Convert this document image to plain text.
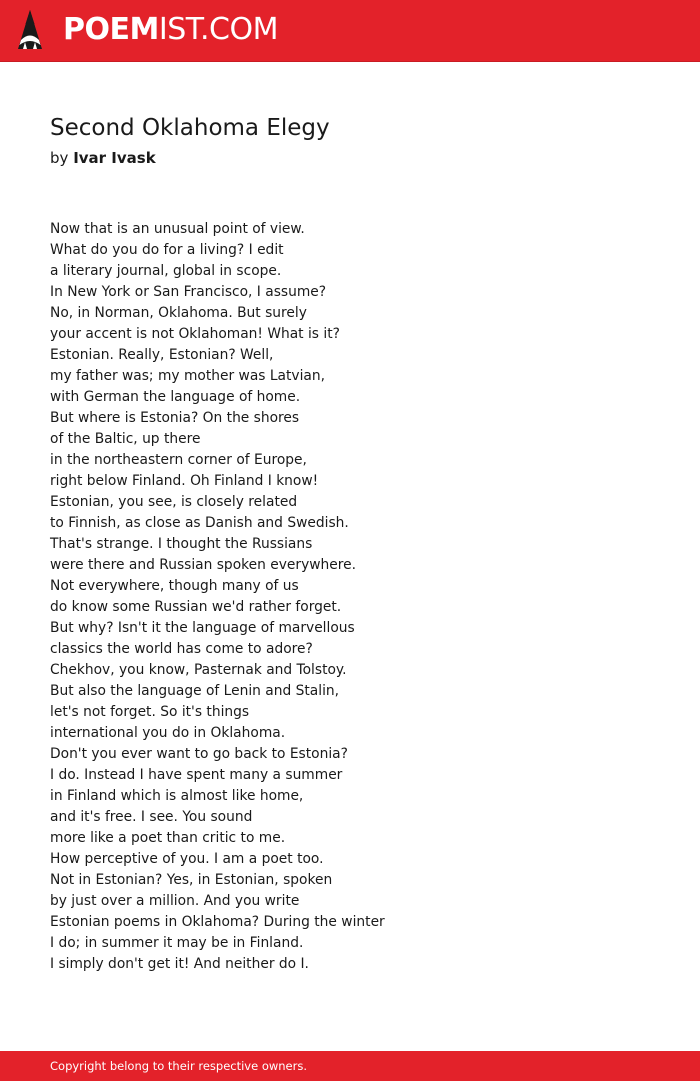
POEMIST.COM
Second Oklahoma Elegy
by Ivar Ivask
Now that is an unusual point of view.
What do you do for a living? I edit
a literary journal, global in scope.
In New York or San Francisco, I assume?
No, in Norman, Oklahoma. But surely
your accent is not Oklahoman! What is it?
Estonian. Really, Estonian? Well,
my father was; my mother was Latvian,
with German the language of home.
But where is Estonia? On the shores
of the Baltic, up there
in the northeastern corner of Europe,
right below Finland. Oh Finland I know!
Estonian, you see, is closely related
to Finnish, as close as Danish and Swedish.
That's strange. I thought the Russians
were there and Russian spoken everywhere.
Not everywhere, though many of us
do know some Russian we'd rather forget.
But why? Isn't it the language of marvellous
classics the world has come to adore?
Chekhov, you know, Pasternak and Tolstoy.
But also the language of Lenin and Stalin,
let's not forget. So it's things
international you do in Oklahoma.
Don't you ever want to go back to Estonia?
I do. Instead I have spent many a summer
in Finland which is almost like home,
and it's free. I see. You sound
more like a poet than critic to me.
How perceptive of you. I am a poet too.
Not in Estonian? Yes, in Estonian, spoken
by just over a million. And you write
Estonian poems in Oklahoma? During the winter
I do; in summer it may be in Finland.
I simply don't get it! And neither do I.
Copyright belong to their respective owners.
